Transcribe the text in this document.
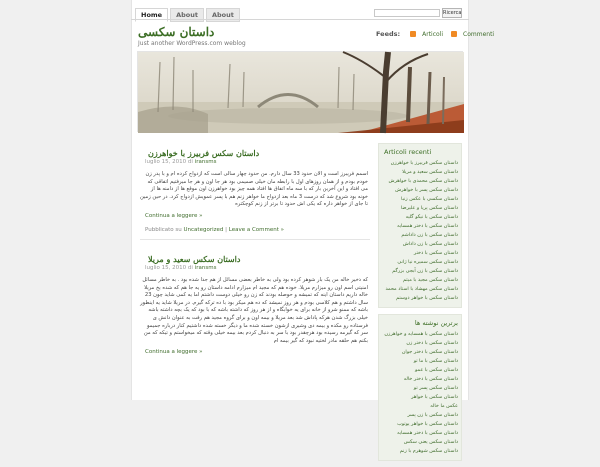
Home	About	About	Ricerca
داستان سکسی
Just another WordPress.com weblog
Feeds:	Articoli	Commenti
داستان سکس فربیرز با خواهرزن
luglio 15, 2010 di iransms
اسمم فریبرز است و الان حدود 33 سال دارم. من حدود چهار سالی است که ازدواج کرده ام و با پدر زن خودم بودم و از همان روزهای اول با رابطه مان خیلی صمیمی بود هر جا اون و هر جا میرفتیم اتفاقی که می افتاد و این آخرین بار که با سه ماه اتفاق ها افتاد همه چیز بود خواهرزن اون موقع ها از دامنه ها از خونه بود شروع شد که درست 3 ماه بعد ازدواج ما خواهر زنم هم با پسر عمویش ازدواج کرد. در حین زمین تا جای از خواهر داره که یکی اش حدود تا برتر از زنم کوچکتره
Continua a leggere »
Pubblicato su Uncategorized | Leave a Comment »
داستان سکس سعید و مریلا
luglio 15, 2010 di iransms
که ذخیر خاله من یک بار شوهر کرده بود ولی به خاطر بعضی مسائل از هم جدا شده بود . به خاطر مسائل امنیتی اسم اون رو میزارم مریلا. خوده هم که مجید ام میزارم ادامه داستان رو یه جا هم که شده بخ مریلا خاله داریم داستان اینه که تمیشه و حوصله بودند که زن رو خیلی دوست داشتم اما یه کمی شاید چون 23 سال داشتم و هم کلاسی بودم و هر روز نمیشد که ده هم میکر بود با ده ترکه گیرم. در مریلا شاید یه اینطور باشه که ممنو شرو از خانه برای یه خوابگاه و از هر روز که داشته باشه که با بود که یک بچه داشته باشه خیلی بزرگ شدن هرکه پاداش شد بعد مریلا و بیمه اون و برای گروه مجید هم رفت به عنوان دانش ی فرستاده رو مکده و بیمه دی وشیری ازشون خسته شده ما و دیگر خسته شده داشتیم کنار درباره جمیمو سر که گیرمه رسیده بود هرچقدر بود با سر به دنبال کردم بعد بیمه خیلی وقته که میخواستم و تیکه که من بکنم هم حلقه مادر لختیه نبود که گیر بیمه ام
Continua a leggere »
Articoli recenti
داستان سکس فربیرز با خواهرزن
داستان سکس سعید و مریلا
داستان سکس محمدی با خواهرش
داستان سکس پسر با خواهرش
داستان سکسی با عکس زنبا
داستان سکس پریا و علیرضا
داستان سکس با نیکو گلیه
داستان سکس با دختر همسایه
داستان سکس با زن داداشم
داستان سکس با زن داداش
داستان سکس با ذختر
داستان سکس سمیره نیا ژانی
داستان سکس با زن آبجی بزرگم
داستان سکس مجید با میثم
داستان سکس مهشاد با استاد محمد
داستان سکس با خواهر دوستم
برترین نوشته ها
داستان سکس با همسایه و خواهرزن
داستان سکس با دختر زن
داستان سکس با دختر جوان
داستان سکس با ما تو
داستان سکس با عمو
داستان سکس با دختر خاله
داستان سکس پسر تو
داستان سکس با خواهر
عکس ما خاله
داستان سکس با زن پسر
داستان سکس با خواهر یوتوب
داستان سکس با دختر همسایه
داستان سکس یعنی سکس
داستان سکس شوهرم با زنم
